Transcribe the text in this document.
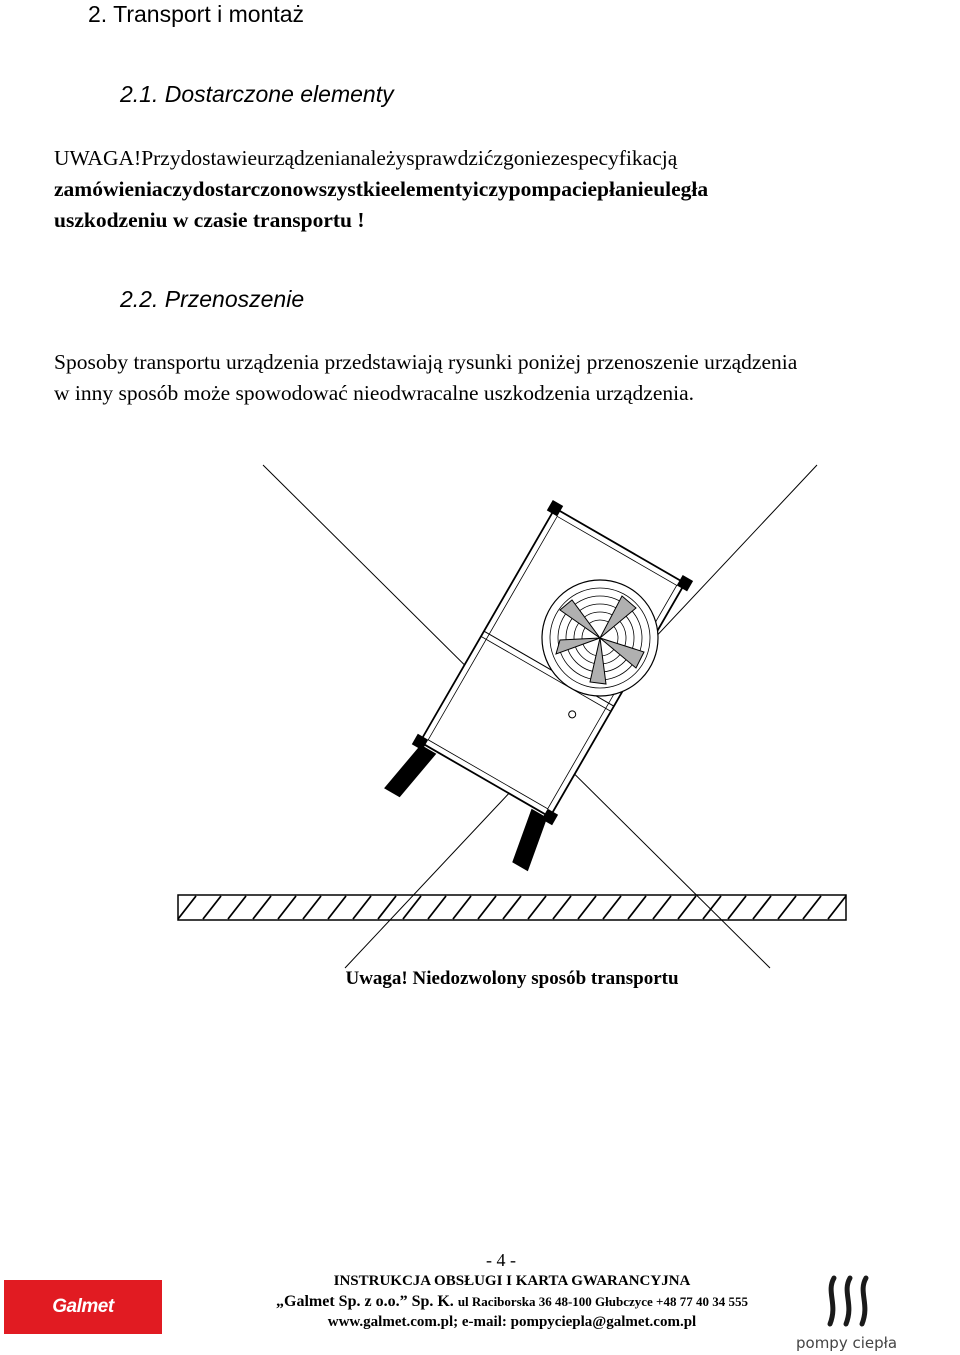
2. Transport i montaż
2.1. Dostarczone elementy
UWAGA!Przydostawieurządzenianależysprawdzićzgoniezespecyfikacją
zamówieniaczydostarczonowszystkieelementyiczypompaciepłanieuległa
uszkodzeniu w czasie transportu !
2.2. Przenoszenie
Sposoby transportu urządzenia przedstawiają rysunki poniżej przenoszenie urządzenia
w inny sposób może spowodować nieodwracalne uszkodzenia urządzenia.
Uwaga! Niedozwolony sposób transportu
- 4 -
INSTRUKCJA OBSŁUGI I KARTA GWARANCYJNA
„Galmet Sp. z o.o.” Sp. K. ul Raciborska 36 48-100 Głubczyce +48 77 40 34 555
www.galmet.com.pl; e-mail: pompyciepla@galmet.com.pl
Galmet
pompy ciepła
